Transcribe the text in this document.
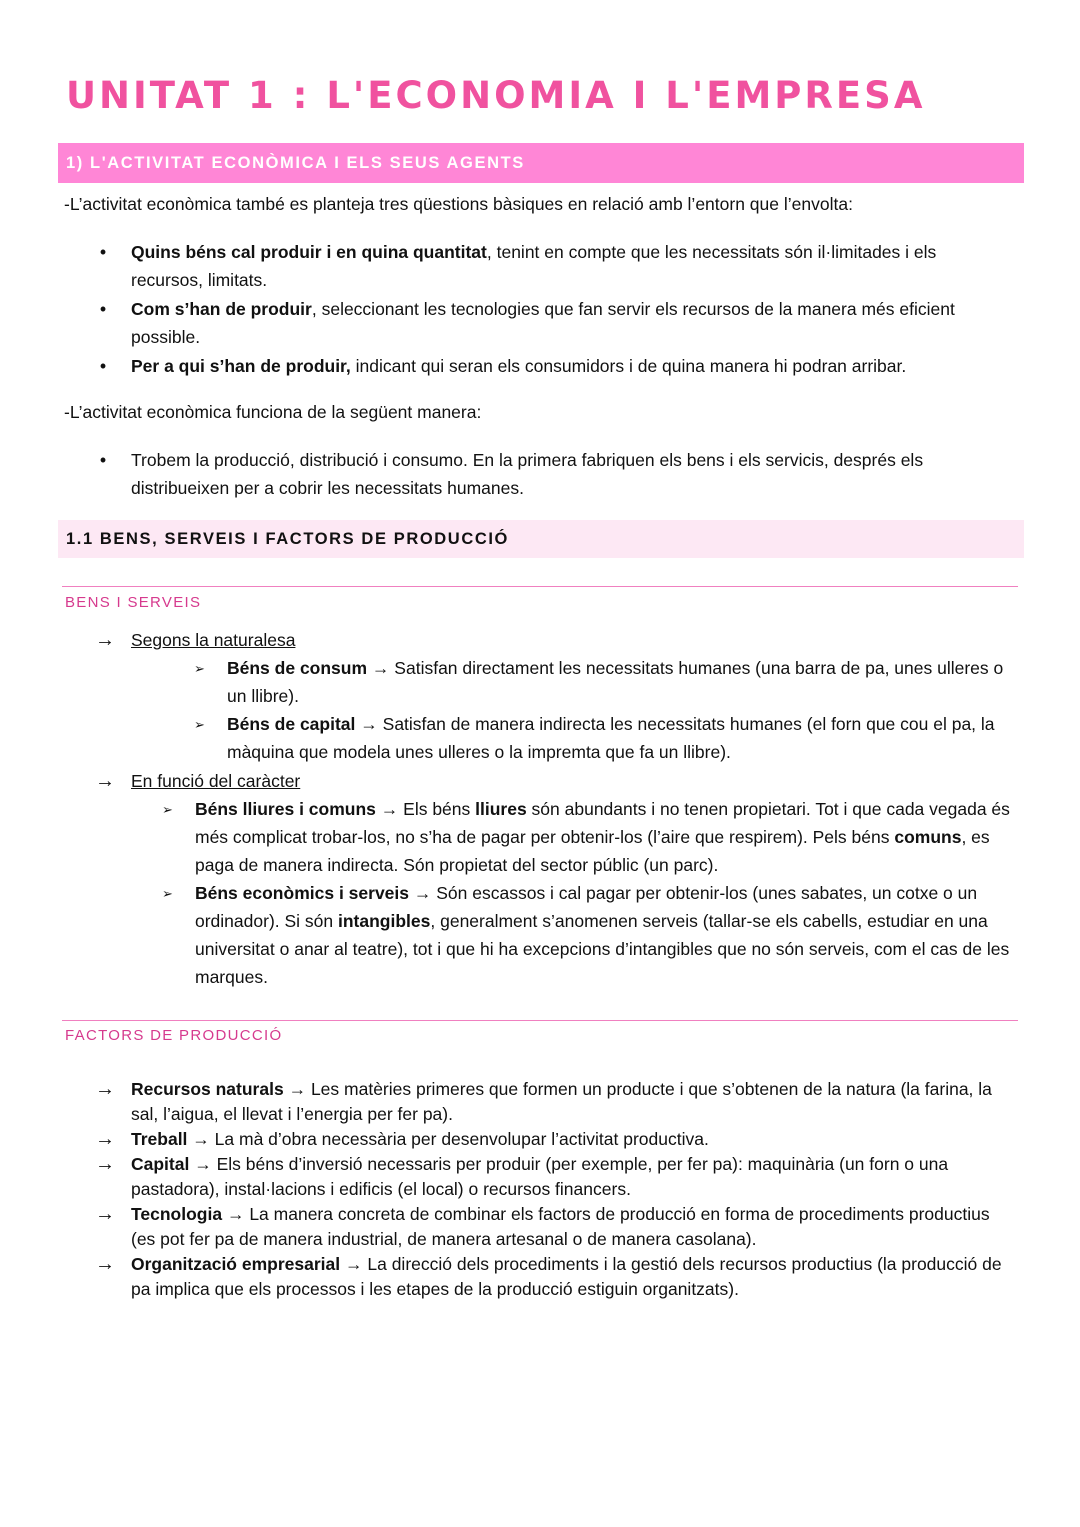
UNITAT 1 : L'ECONOMIA I L'EMPRESA
1) L'ACTIVITAT ECONÒMICA I ELS SEUS AGENTS
-L’activitat econòmica també es planteja tres qüestions bàsiques en relació amb l’entorn que l’envolta:
•	Quins béns cal produir i en quina quantitat, tenint en compte que les necessitats són il·limitades i els recursos, limitats.
•	Com s’han de produir, seleccionant les tecnologies que fan servir els recursos de la manera més eficient possible.
•	Per a qui s’han de produir, indicant qui seran els consumidors i de quina manera hi podran arribar.
-L’activitat econòmica funciona de la següent manera:
•	Trobem la producció, distribució i consumo. En la primera fabriquen els bens i els servicis, després els distribueixen per a cobrir les necessitats humanes.
1.1 BENS, SERVEIS I FACTORS DE PRODUCCIÓ
BENS I SERVEIS
→ Segons la naturalesa
➢ Béns de consum → Satisfan directament les necessitats humanes (una barra de pa, unes ulleres o un llibre).
➢ Béns de capital → Satisfan de manera indirecta les necessitats humanes (el forn que cou el pa, la màquina que modela unes ulleres o la impremta que fa un llibre).
→ En funció del caràcter
➢ Béns lliures i comuns → Els béns lliures són abundants i no tenen propietari. Tot i que cada vegada és més complicat trobar-los, no s’ha de pagar per obtenir-los (l’aire que respirem). Pels béns comuns, es paga de manera indirecta. Són propietat del sector públic (un parc).
➢ Béns econòmics i serveis → Són escassos i cal pagar per obtenir-los (unes sabates, un cotxe o un ordinador). Si són intangibles, generalment s’anomenen serveis (tallar-se els cabells, estudiar en una universitat o anar al teatre), tot i que hi ha excepcions d’intangibles que no són serveis, com el cas de les marques.
FACTORS DE PRODUCCIÓ
→ Recursos naturals → Les matèries primeres que formen un producte i que s’obtenen de la natura (la farina, la sal, l’aigua, el llevat i l’energia per fer pa).
→ Treball → La mà d’obra necessària per desenvolupar l’activitat productiva.
→ Capital → Els béns d’inversió necessaris per produir (per exemple, per fer pa): maquinària (un forn o una pastadora), instal·lacions i edificis (el local) o recursos financers.
→ Tecnologia → La manera concreta de combinar els factors de producció en forma de procediments productius (es pot fer pa de manera industrial, de manera artesanal o de manera casolana).
→ Organització empresarial → La direcció dels procediments i la gestió dels recursos productius (la producció de pa implica que els processos i les etapes de la producció estiguin organitzats).
